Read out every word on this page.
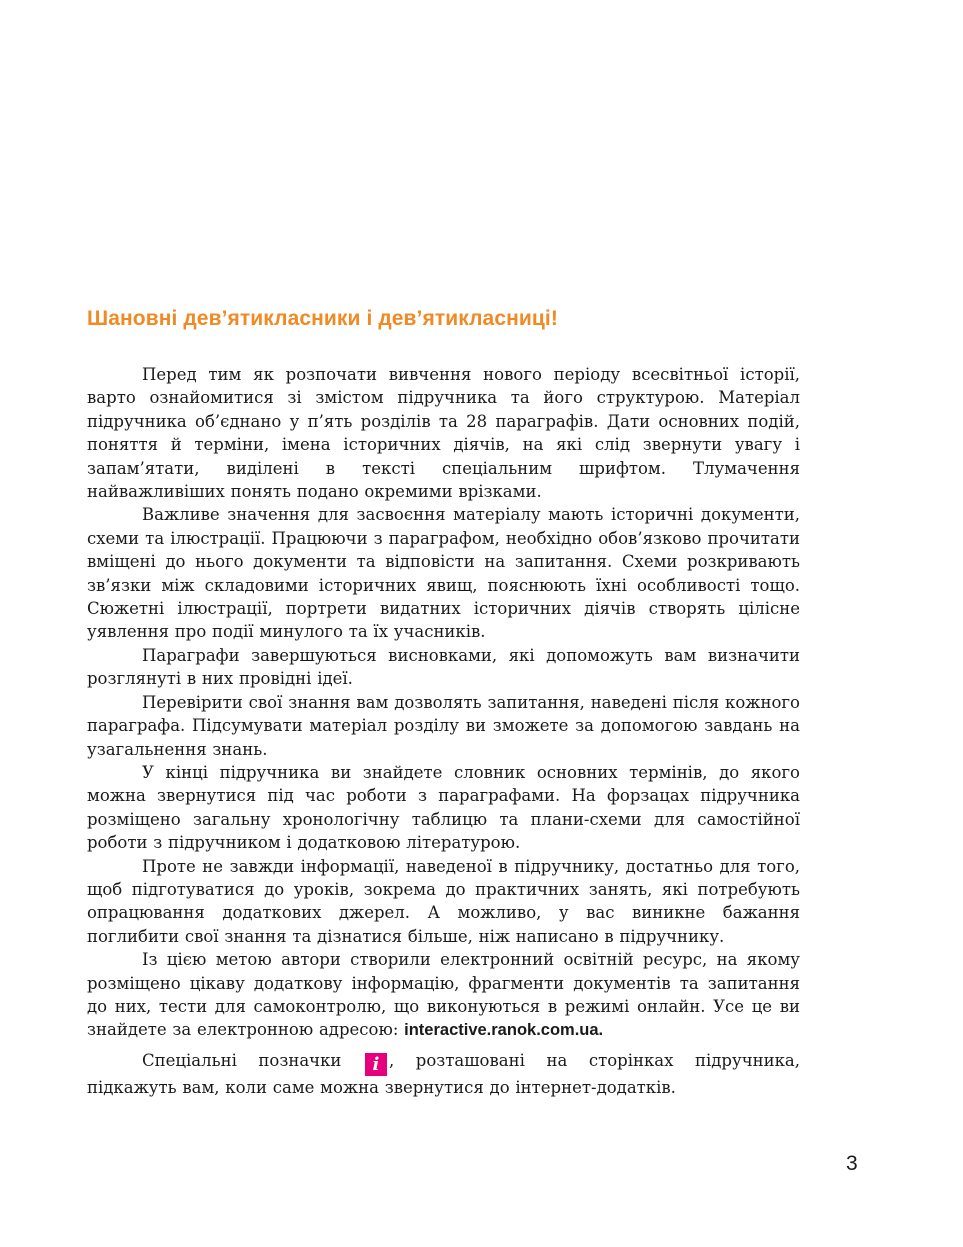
Шановні дев’ятикласники і дев’ятикласниці!

Перед тим як розпочати вивчення нового періоду всесвітньої історії, варто ознайомитися зі змістом підручника та його структурою. Матеріал підручника об’єднано у п’ять розділів та 28 параграфів. Дати основних подій, поняття й терміни, імена історичних діячів, на які слід звернути увагу і запам’ятати, виділені в тексті спеціальним шрифтом. Тлумачення найважливіших понять подано окремими врізками.

Важливе значення для засвоєння матеріалу мають історичні документи, схеми та ілюстрації. Працюючи з параграфом, необхідно обов’язково прочитати вміщені до нього документи та відповісти на запитання. Схеми розкривають зв’язки між складовими історичних явищ, пояснюють їхні особливості тощо. Сюжетні ілюстрації, портрети видатних історичних діячів створять цілісне уявлення про події минулого та їх учасників.

Параграфи завершуються висновками, які допоможуть вам визначити розглянуті в них провідні ідеї.

Перевірити свої знання вам дозволять запитання, наведені після кожного параграфа. Підсумувати матеріал розділу ви зможете за допомогою завдань на узагальнення знань.

У кінці підручника ви знайдете словник основних термінів, до якого можна звернутися під час роботи з параграфами. На форзацах підручника розміщено загальну хронологічну таблицю та плани-схеми для самостійної роботи з підручником і додатковою літературою.

Проте не завжди інформації, наведеної в підручнику, достатньо для того, щоб підготуватися до уроків, зокрема до практичних занять, які потребують опрацювання додаткових джерел. А можливо, у вас виникне бажання поглибити свої знання та дізнатися більше, ніж написано в підручнику.

Із цією метою автори створили електронний освітній ресурс, на якому розміщено цікаву додаткову інформацію, фрагменти документів та запитання до них, тести для самоконтролю, що виконуються в режимі онлайн. Усе це ви знайдете за електронною адресою: interactive.ranok.com.ua.

Спеціальні позначки i , розташовані на сторінках підручника, підкажуть вам, коли саме можна звернутися до інтернет-додатків.

3
